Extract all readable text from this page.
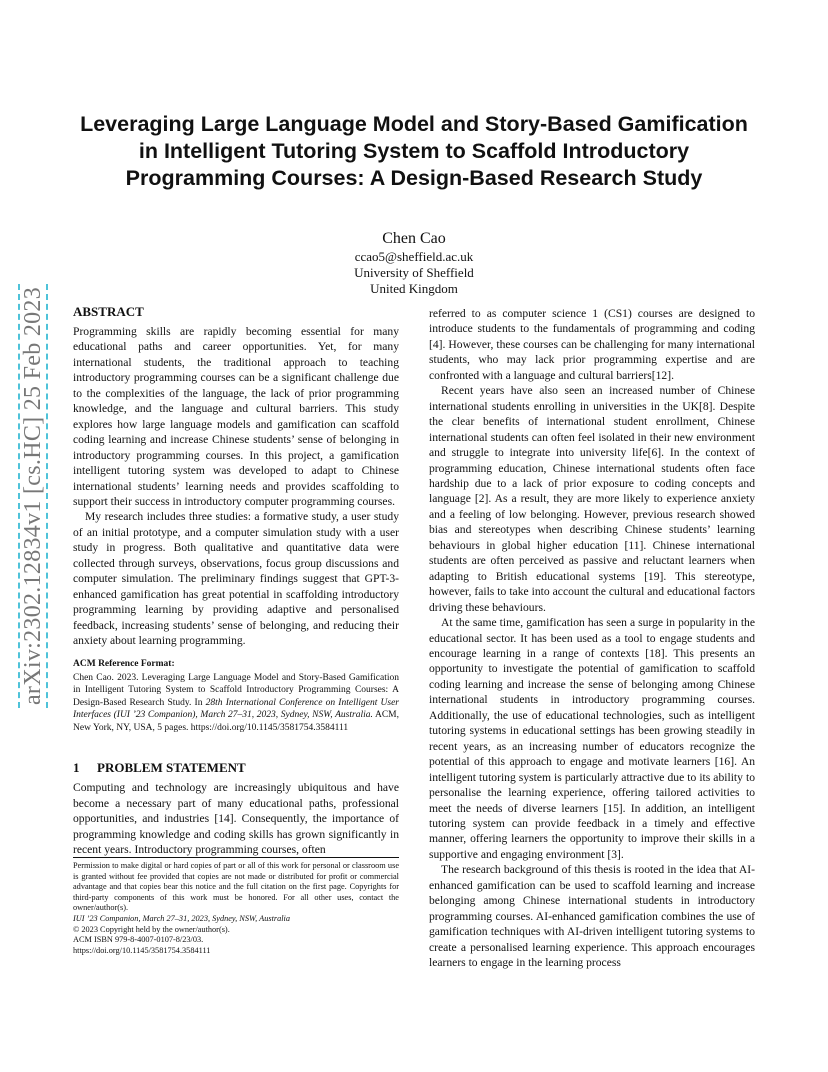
arXiv:2302.12834v1 [cs.HC] 25 Feb 2023
Leveraging Large Language Model and Story-Based Gamification in Intelligent Tutoring System to Scaffold Introductory Programming Courses: A Design-Based Research Study
Chen Cao
ccao5@sheffield.ac.uk
University of Sheffield
United Kingdom
ABSTRACT

Programming skills are rapidly becoming essential for many educational paths and career opportunities. Yet, for many international students, the traditional approach to teaching introductory programming courses can be a significant challenge due to the complexities of the language, the lack of prior programming knowledge, and the language and cultural barriers. This study explores how large language models and gamification can scaffold coding learning and increase Chinese students’ sense of belonging in introductory programming courses. In this project, a gamification intelligent tutoring system was developed to adapt to Chinese international students’ learning needs and provides scaffolding to support their success in introductory computer programming courses.

My research includes three studies: a formative study, a user study of an initial prototype, and a computer simulation study with a user study in progress. Both qualitative and quantitative data were collected through surveys, observations, focus group discussions and computer simulation. The preliminary findings suggest that GPT-3-enhanced gamification has great potential in scaffolding introductory programming learning by providing adaptive and personalised feedback, increasing students’ sense of belonging, and reducing their anxiety about learning programming.

ACM Reference Format:

Chen Cao. 2023. Leveraging Large Language Model and Story-Based Gamification in Intelligent Tutoring System to Scaffold Introductory Programming Courses: A Design-Based Research Study. In 28th International Conference on Intelligent User Interfaces (IUI ’23 Companion), March 27–31, 2023, Sydney, NSW, Australia. ACM, New York, NY, USA, 5 pages. https://doi.org/10.1145/3581754.3584111

1 PROBLEM STATEMENT

Computing and technology are increasingly ubiquitous and have become a necessary part of many educational paths, professional opportunities, and industries [14]. Consequently, the importance of programming knowledge and coding skills has grown significantly in recent years. Introductory programming courses, often

referred to as computer science 1 (CS1) courses are designed to introduce students to the fundamentals of programming and coding [4]. However, these courses can be challenging for many international students, who may lack prior programming expertise and are confronted with a language and cultural barriers[12].

Recent years have also seen an increased number of Chinese international students enrolling in universities in the UK[8]. Despite the clear benefits of international student enrollment, Chinese international students can often feel isolated in their new environment and struggle to integrate into university life[6]. In the context of programming education, Chinese international students often face hardship due to a lack of prior exposure to coding concepts and language [2]. As a result, they are more likely to experience anxiety and a feeling of low belonging. However, previous research showed bias and stereotypes when describing Chinese students’ learning behaviours in global higher education [11]. Chinese international students are often perceived as passive and reluctant learners when adapting to British educational systems [19]. This stereotype, however, fails to take into account the cultural and educational factors driving these behaviours.

At the same time, gamification has seen a surge in popularity in the educational sector. It has been used as a tool to engage students and encourage learning in a range of contexts [18]. This presents an opportunity to investigate the potential of gamification to scaffold coding learning and increase the sense of belonging among Chinese international students in introductory programming courses. Additionally, the use of educational technologies, such as intelligent tutoring systems in educational settings has been growing steadily in recent years, as an increasing number of educators recognize the potential of this approach to engage and motivate learners [16]. An intelligent tutoring system is particularly attractive due to its ability to personalise the learning experience, offering tailored activities to meet the needs of diverse learners [15]. In addition, an intelligent tutoring system can provide feedback in a timely and effective manner, offering learners the opportunity to improve their skills in a supportive and engaging environment [3].

The research background of this thesis is rooted in the idea that AI-enhanced gamification can be used to scaffold learning and increase belonging among Chinese international students in introductory programming courses. AI-enhanced gamification combines the use of gamification techniques with AI-driven intelligent tutoring systems to create a personalised learning experience. This approach encourages learners to engage in the learning process

Permission to make digital or hard copies of part or all of this work for personal or classroom use is granted without fee provided that copies are not made or distributed for profit or commercial advantage and that copies bear this notice and the full citation on the first page. Copyrights for third-party components of this work must be honored. For all other uses, contact the owner/author(s).

IUI ’23 Companion, March 27–31, 2023, Sydney, NSW, Australia

© 2023 Copyright held by the owner/author(s).

ACM ISBN 979-8-4007-0107-8/23/03.

https://doi.org/10.1145/3581754.3584111
